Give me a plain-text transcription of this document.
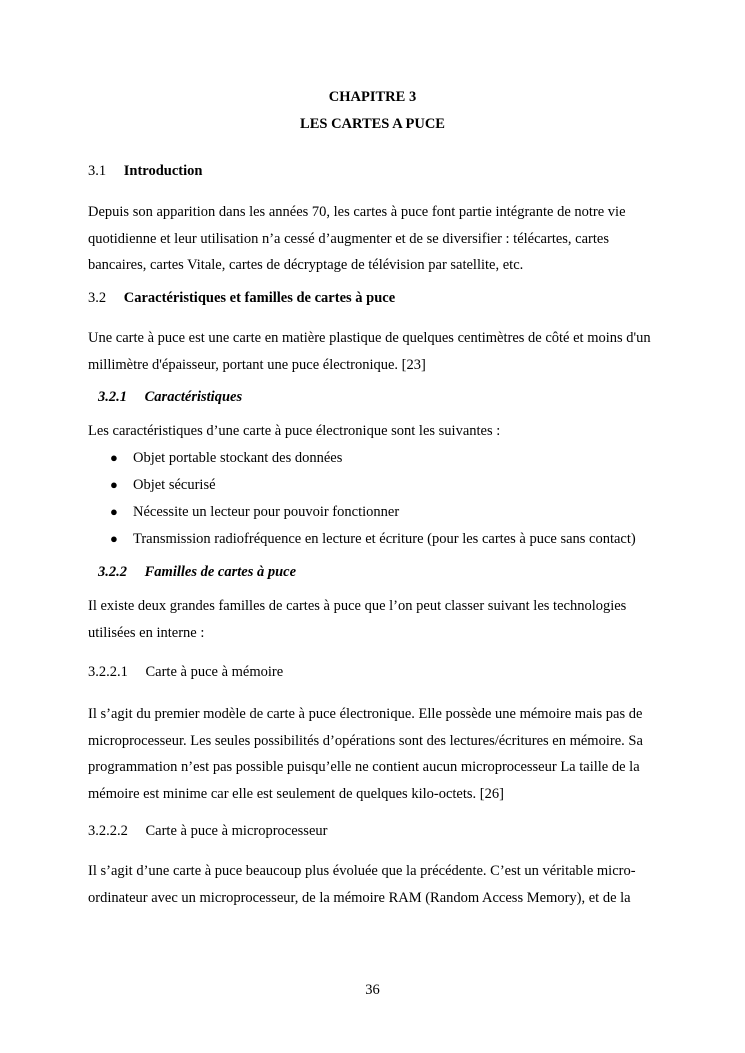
CHAPITRE 3
LES CARTES A PUCE
3.1 Introduction
Depuis son apparition dans les années 70, les cartes à puce font partie intégrante de notre vie
quotidienne et leur utilisation n’a cessé d’augmenter et de se diversifier : télécartes, cartes
bancaires, cartes Vitale, cartes de décryptage de télévision par satellite, etc.
3.2 Caractéristiques et familles de cartes à puce
Une carte à puce est une carte en matière plastique de quelques centimètres de côté et moins d'un
millimètre d'épaisseur, portant une puce électronique. [23]
3.2.1 Caractéristiques
Les caractéristiques d’une carte à puce électronique sont les suivantes :
● Objet portable stockant des données
● Objet sécurisé
● Nécessite un lecteur pour pouvoir fonctionner
● Transmission radiofréquence en lecture et écriture (pour les cartes à puce sans contact)
3.2.2 Familles de cartes à puce
Il existe deux grandes familles de cartes à puce que l’on peut classer suivant les technologies
utilisées en interne :
3.2.2.1 Carte à puce à mémoire
Il s’agit du premier modèle de carte à puce électronique. Elle possède une mémoire mais pas de
microprocesseur. Les seules possibilités d’opérations sont des lectures/écritures en mémoire. Sa
programmation n’est pas possible puisqu’elle ne contient aucun microprocesseur La taille de la
mémoire est minime car elle est seulement de quelques kilo-octets. [26]
3.2.2.2 Carte à puce à microprocesseur
Il s’agit d’une carte à puce beaucoup plus évoluée que la précédente. C’est un véritable micro-
ordinateur avec un microprocesseur, de la mémoire RAM (Random Access Memory), et de la
36
